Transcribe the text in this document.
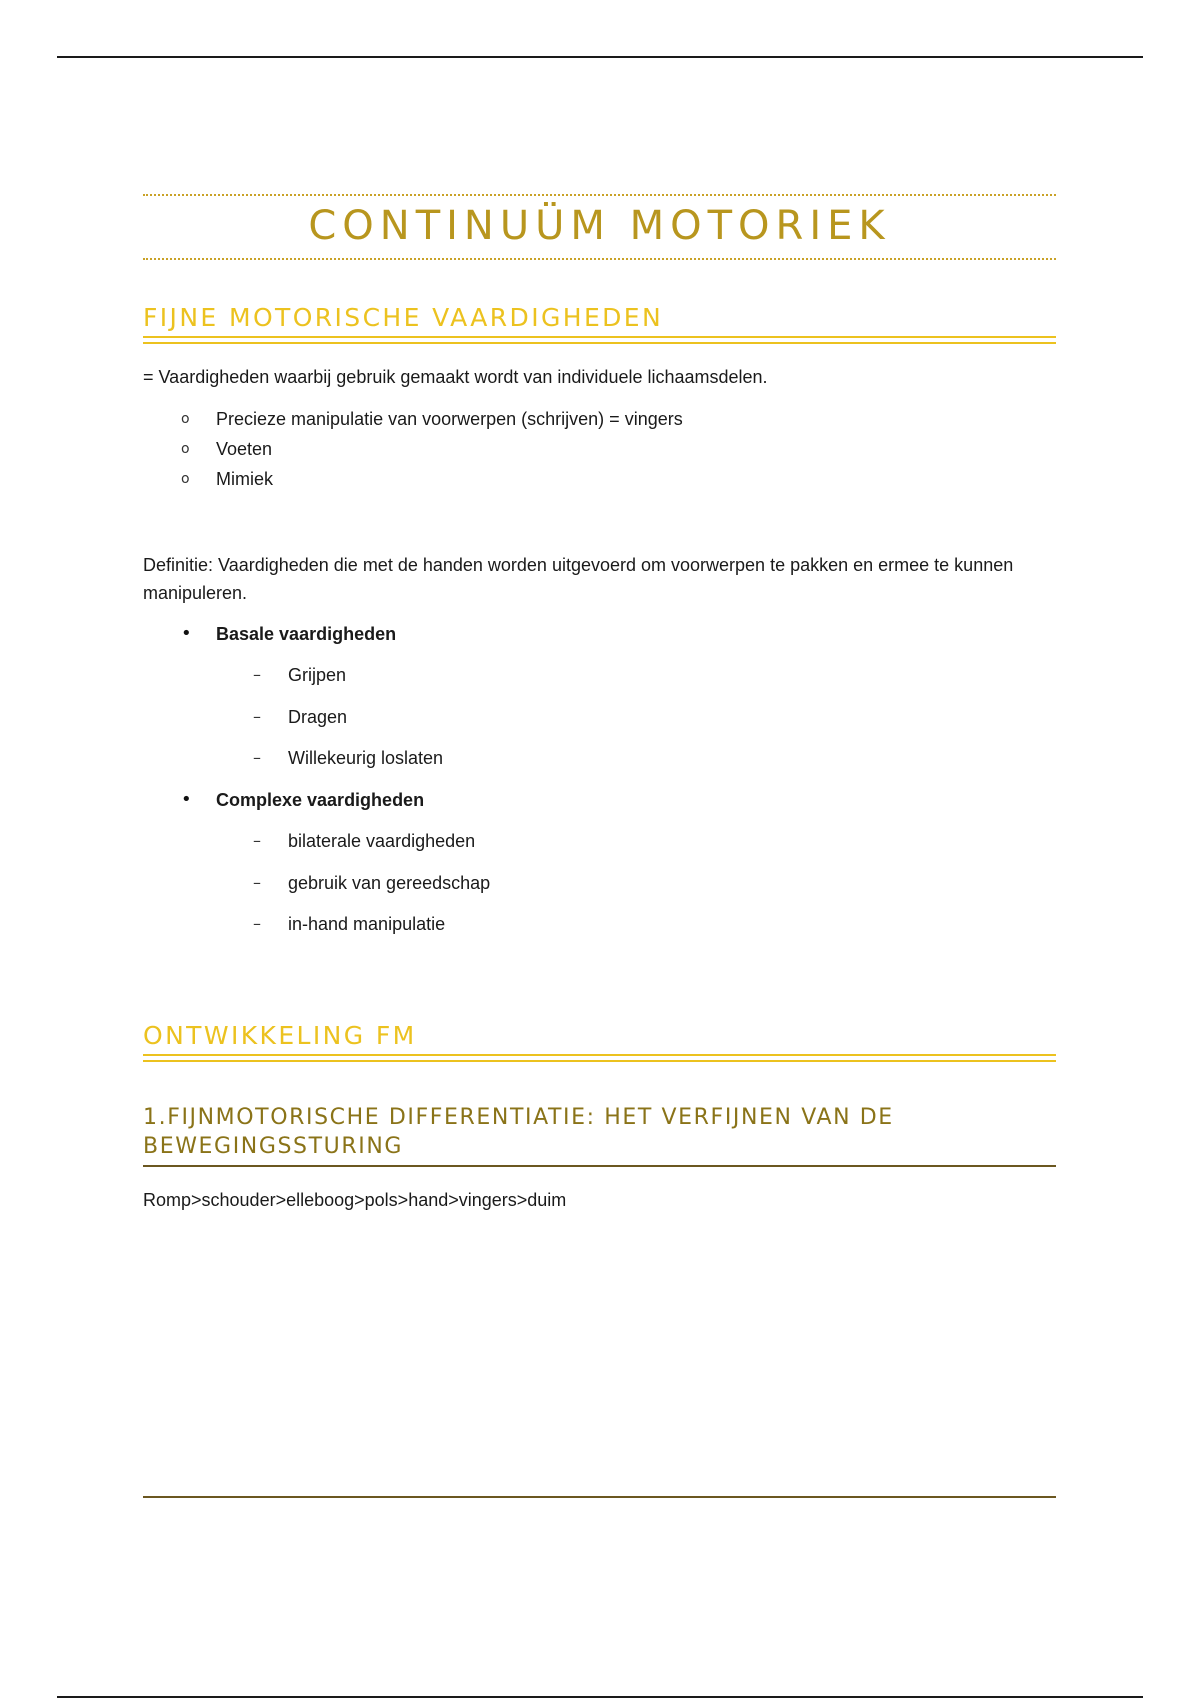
CONTINUÜM MOTORIEK
FIJNE MOTORISCHE VAARDIGHEDEN
= Vaardigheden waarbij gebruik gemaakt wordt van individuele lichaamsdelen.
o Precieze manipulatie van voorwerpen (schrijven) = vingers
o Voeten
o Mimiek
Definitie: Vaardigheden die met de handen worden uitgevoerd om voorwerpen te pakken en ermee te kunnen manipuleren.
• Basale vaardigheden
– Grijpen
– Dragen
– Willekeurig loslaten
• Complexe vaardigheden
– bilaterale vaardigheden
– gebruik van gereedschap
– in-hand manipulatie
ONTWIKKELING FM
1.FIJNMOTORISCHE DIFFERENTIATIE: HET VERFIJNEN VAN DE
BEWEGINGSSTURING
Romp>schouder>elleboog>pols>hand>vingers>duim
